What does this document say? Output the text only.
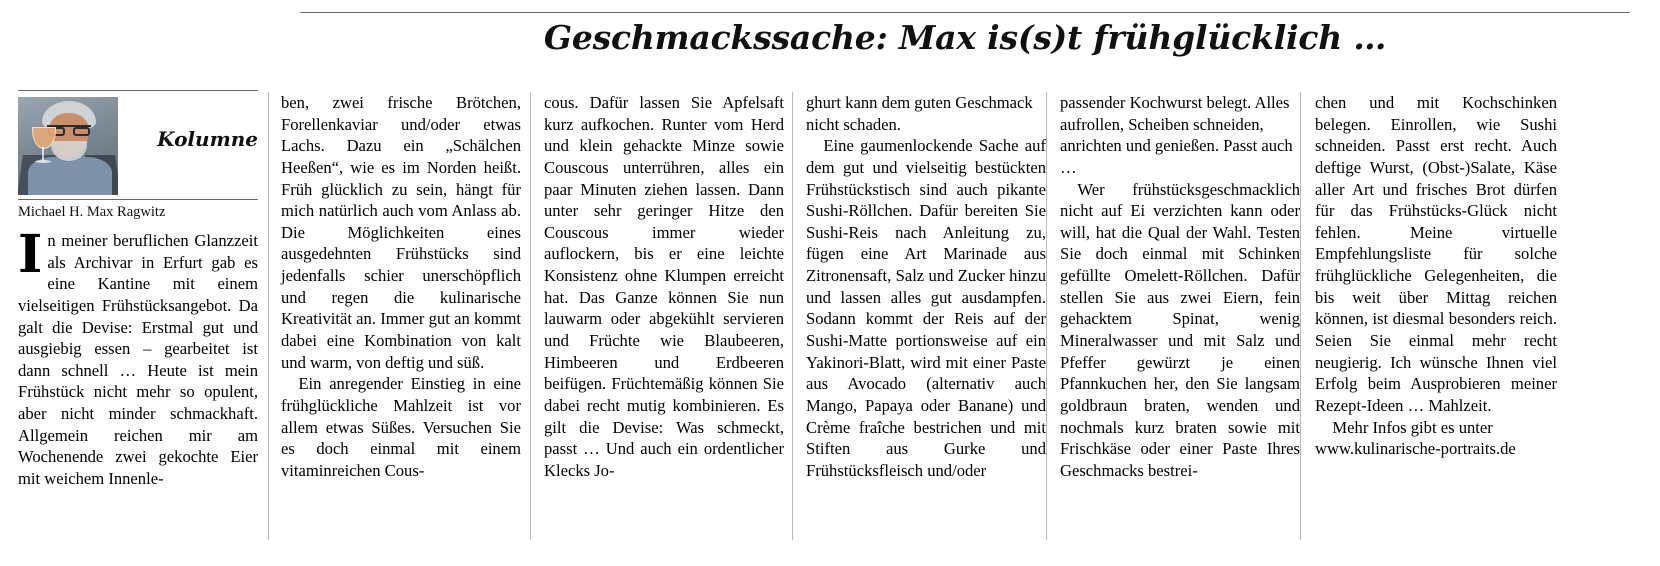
Geschmackssache: Max is(s)t frühglücklich …
Kolumne
Michael H. Max Ragwitz

In meiner beruflichen Glanzzeit als Archivar in Erfurt gab es eine Kantine mit einem vielseitigen Frühstücksangebot. Da galt die Devise: Erstmal gut und ausgiebig essen – gearbeitet ist dann schnell … Heute ist mein Frühstück nicht mehr so opulent, aber nicht minder schmackhaft. Allgemein reichen mir am Wochenende zwei gekochte Eier mit weichem Innenle-

ben, zwei frische Brötchen, Forellenkaviar und/oder etwas Lachs. Dazu ein „Schälchen Heeßen“, wie es im Norden heißt. Früh glücklich zu sein, hängt für mich natürlich auch vom Anlass ab. Die Möglichkeiten eines ausgedehnten Frühstücks sind jedenfalls schier unerschöpflich und regen die kulinarische Kreativität an. Immer gut an kommt dabei eine Kombination von kalt und warm, von deftig und süß.

Ein anregender Einstieg in eine frühglückliche Mahlzeit ist vor allem etwas Süßes. Versuchen Sie es doch einmal mit einem vitaminreichen Cous-

cous. Dafür lassen Sie Apfelsaft kurz aufkochen. Runter vom Herd und klein gehackte Minze sowie Couscous unterrühren, alles ein paar Minuten ziehen lassen. Dann unter sehr geringer Hitze den Couscous immer wieder auflockern, bis er eine leichte Konsistenz ohne Klumpen erreicht hat. Das Ganze können Sie nun lauwarm oder abgekühlt servieren und Früchte wie Blaubeeren, Himbeeren und Erdbeeren beifügen. Früchtemäßig können Sie dabei recht mutig kombinieren. Es gilt die Devise: Was schmeckt, passt … Und auch ein ordentlicher Klecks Jo-

ghurt kann dem guten Geschmack nicht schaden.

Eine gaumenlockende Sache auf dem gut und vielseitig bestückten Frühstückstisch sind auch pikante Sushi-Röllchen. Dafür bereiten Sie Sushi-Reis nach Anleitung zu, fügen eine Art Marinade aus Zitronensaft, Salz und Zucker hinzu und lassen alles gut ausdampfen. Sodann kommt der Reis auf der Sushi-Matte portionsweise auf ein Yakinori-Blatt, wird mit einer Paste aus Avocado (alternativ auch Mango, Papaya oder Banane) und Crème fraîche bestrichen und mit Stiften aus Gurke und Frühstücksfleisch und/oder

passender Kochwurst belegt. Alles aufrollen, Scheiben schneiden, anrichten und genießen. Passt auch …

Wer frühstücksgeschmacklich nicht auf Ei verzichten kann oder will, hat die Qual der Wahl. Testen Sie doch einmal mit Schinken gefüllte Omelett-Röllchen. Dafür stellen Sie aus zwei Eiern, fein gehacktem Spinat, wenig Mineralwasser und mit Salz und Pfeffer gewürzt je einen Pfannkuchen her, den Sie langsam goldbraun braten, wenden und nochmals kurz braten sowie mit Frischkäse oder einer Paste Ihres Geschmacks bestrei-

chen und mit Kochschinken belegen. Einrollen, wie Sushi schneiden. Passt erst recht. Auch deftige Wurst, (Obst-)Salate, Käse aller Art und frisches Brot dürfen für das Frühstücks-Glück nicht fehlen. Meine virtuelle Empfehlungsliste für solche frühglückliche Gelegenheiten, die bis weit über Mittag reichen können, ist diesmal besonders reich. Seien Sie einmal mehr recht neugierig. Ich wünsche Ihnen viel Erfolg beim Ausprobieren meiner Rezept-Ideen … Mahlzeit.

Mehr Infos gibt es unter www.kulinarische-portraits.de
